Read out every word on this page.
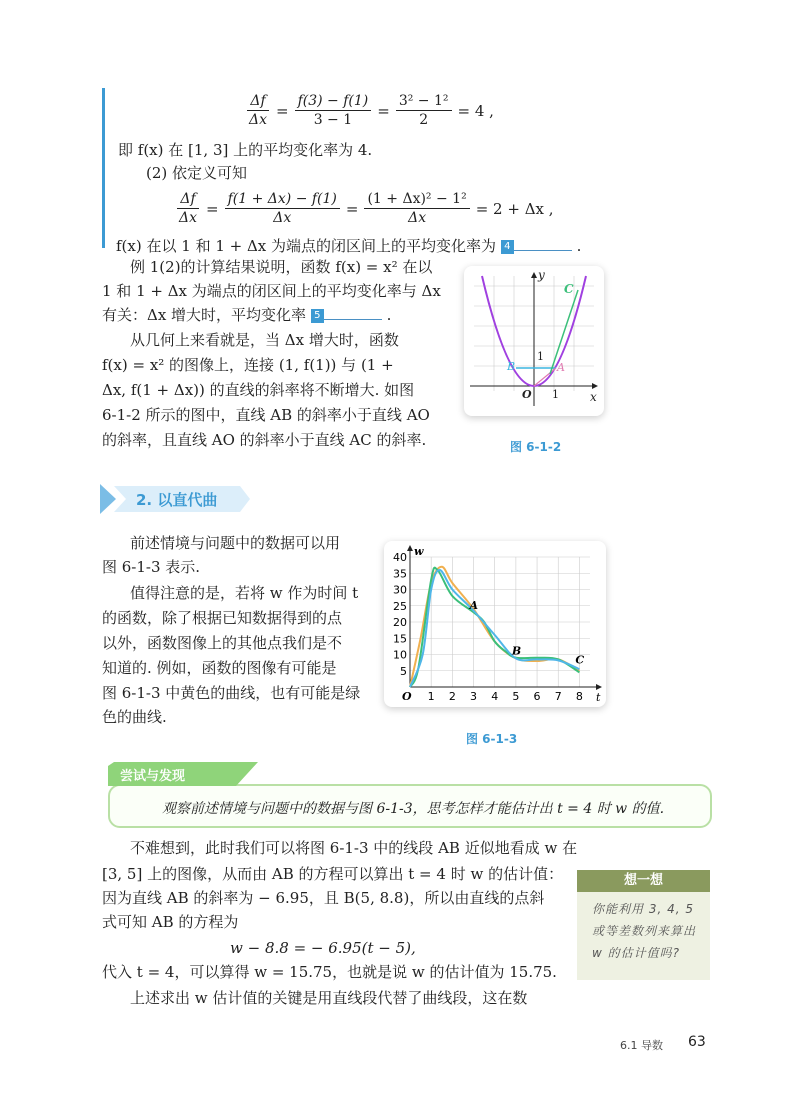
$\frac{\Delta f}{\Delta x} = \frac{f(3) - f(1)}{3 - 1} = \frac{\text{3² − 1²}}{2} = 4$ ,
即 f(x) 在 [1, 3] 上的平均变化率为 4.
(2) 依定义可知
$\frac{\Delta f}{\Delta x} = \frac{f(1 + \Delta x) - f(1)}{\Delta x} = \frac{\text{(1 + Δx)² − 1²}}{\Delta x} = 2 + \Delta x$ ,
f(x) 在以 1 和 1 + Δx 为端点的闭区间上的平均变化率为 4	.
例 1(2)的计算结果说明，函数 f(x) = x² 在以
1 和 1 + Δx 为端点的闭区间上的平均变化率与 Δx
有关：Δx 增大时，平均变化率 5	.
从几何上来看就是，当 Δx 增大时，函数
f(x) = x² 的图像上，连接 (1, f(1)) 与 (1 +
Δx, f(1 + Δx)) 的直线的斜率将不断增大. 如图
6-1-2 所示的图中，直线 AB 的斜率小于直线 AO
的斜率，且直线 AO 的斜率小于直线 AC 的斜率.
y
x
O 1
1
A
B
C
图 6-1-2
2. 以直代曲
前述情境与问题中的数据可以用
图 6-1-3 表示.
值得注意的是，若将 w 作为时间 t
的函数，除了根据已知数据得到的点
以外，函数图像上的其他点我们是不
知道的. 例如，函数的图像有可能是
图 6-1-3 中黄色的曲线，也有可能是绿
色的曲线.
5
10
15
20
25
30
35
40
1 2 3 4 5 6 7 8
w
t
O
A
B
C
图 6-1-3
尝试与发现
观察前述情境与问题中的数据与图 6-1-3，思考怎样才能估计出 t = 4 时 w 的值.
不难想到，此时我们可以将图 6-1-3 中的线段 AB 近似地看成 w 在
[3, 5] 上的图像，从而由 AB 的方程可以算出 t = 4 时 w 的估计值：
因为直线 AB 的斜率为 − 6.95，且 B(5, 8.8)，所以由直线的点斜
式可知 AB 的方程为
w − 8.8 = − 6.95(t − 5),
代入 t = 4，可以算得 w = 15.75，也就是说 w 的估计值为 15.75.
上述求出 w 估计值的关键是用直线段代替了曲线段，这在数
想一想
你能利用 3, 4, 5 或等差数列来算出 w 的估计值吗?
6.1 导数 63
